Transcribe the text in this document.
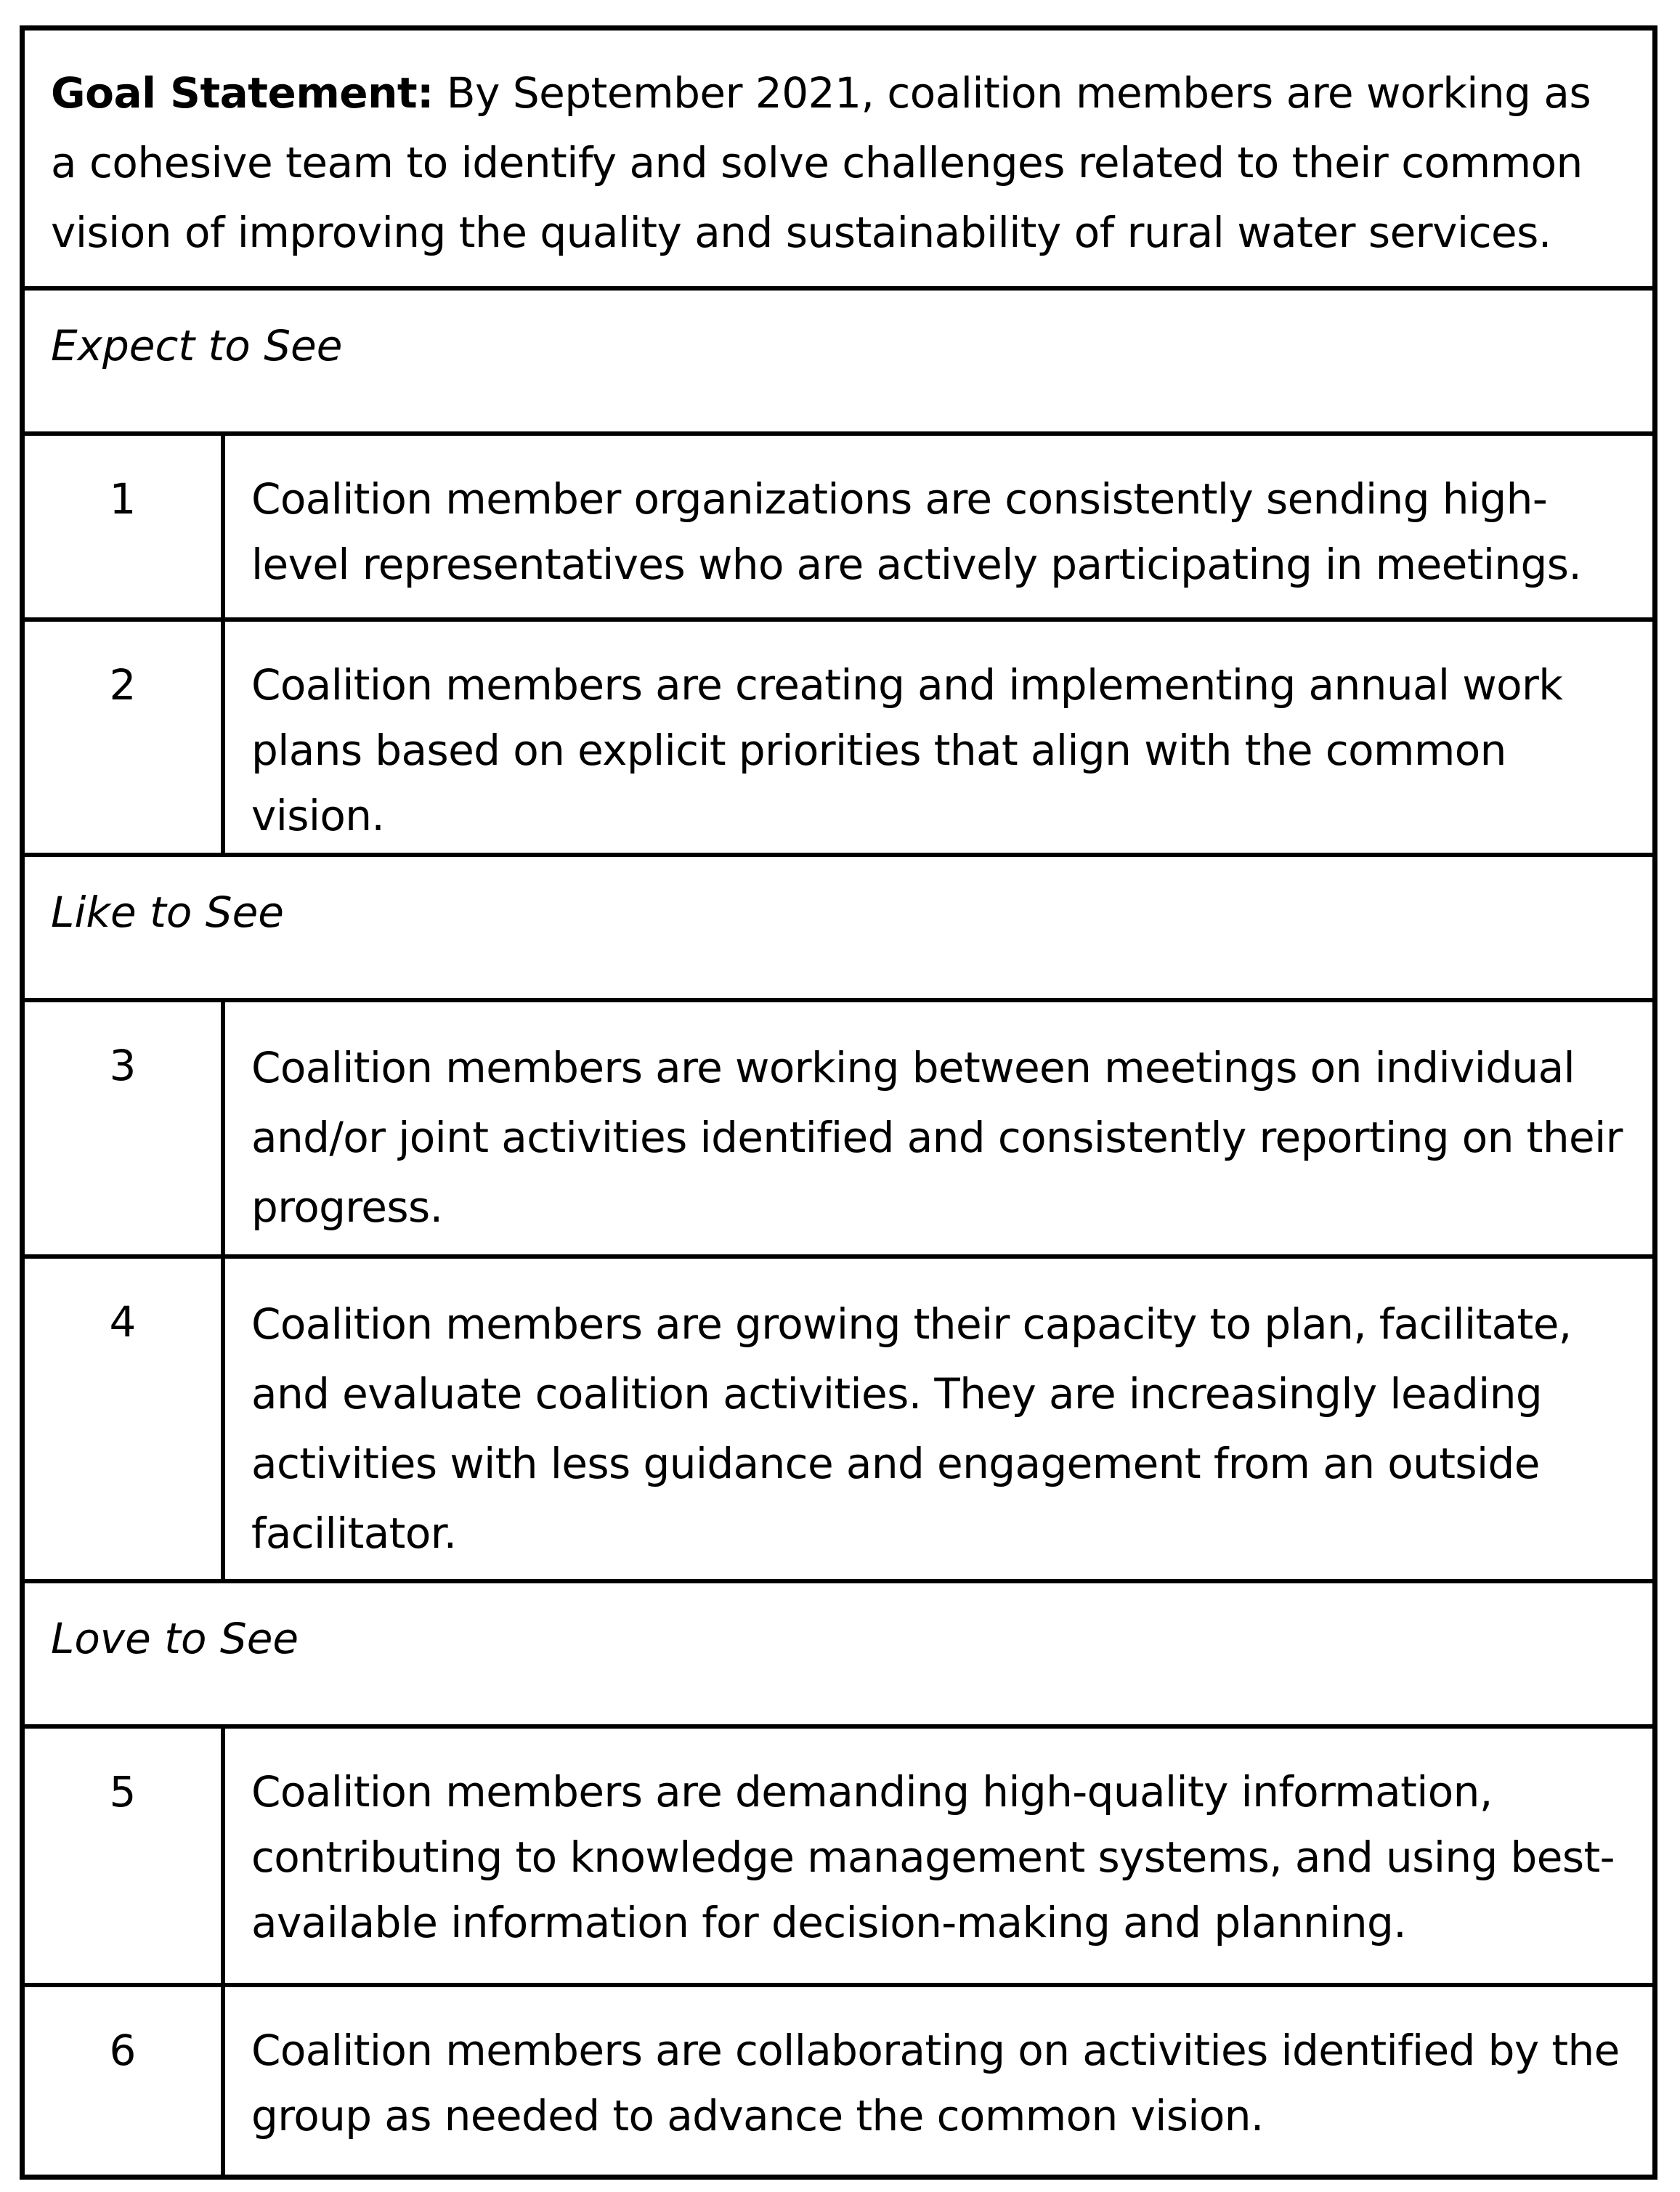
Goal Statement: By September 2021, coalition members are working as a cohesive team to identify and solve challenges related to their common vision of improving the quality and sustainability of rural water services.
Expect to See
1	Coalition member organizations are consistently sending high-level representatives who are actively participating in meetings.
2	Coalition members are creating and implementing annual work plans based on explicit priorities that align with the common vision.
Like to See
3	Coalition members are working between meetings on individual and/or joint activities identified and consistently reporting on their progress.
4	Coalition members are growing their capacity to plan, facilitate, and evaluate coalition activities. They are increasingly leading activities with less guidance and engagement from an outside facilitator.
Love to See
5	Coalition members are demanding high-quality information, contributing to knowledge management systems, and using best-available information for decision-making and planning.
6	Coalition members are collaborating on activities identified by the group as needed to advance the common vision.
